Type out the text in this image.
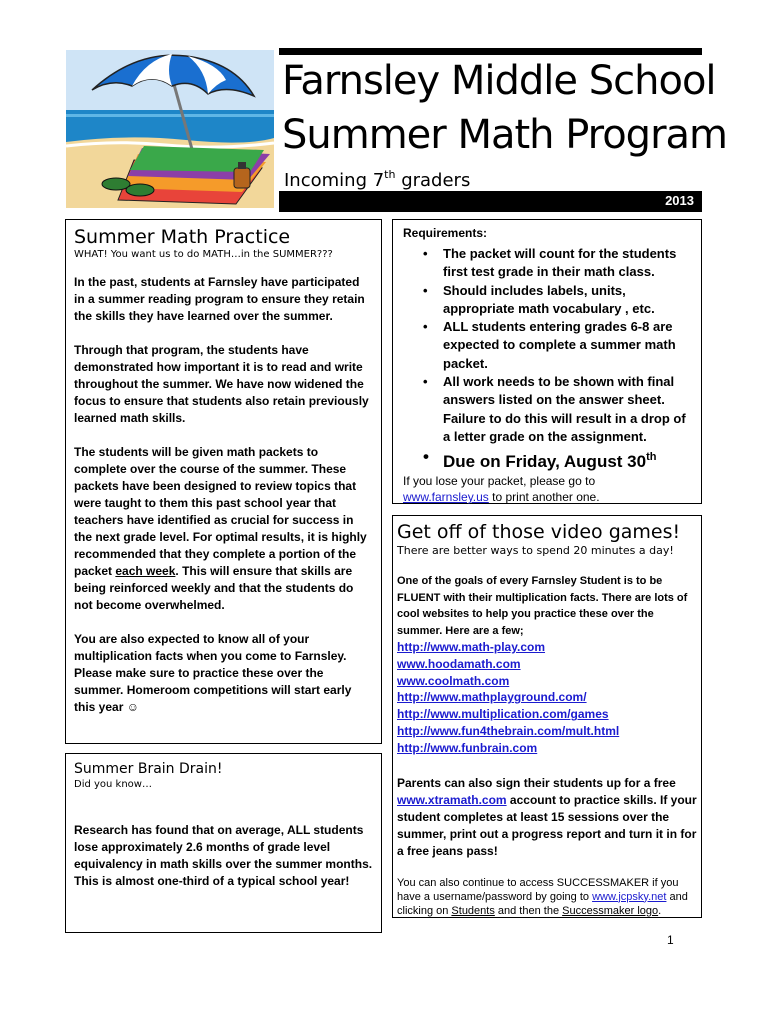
Farnsley Middle School
Summer Math Program
Incoming 7th graders
2013
Summer Math Practice
WHAT! You want us to do MATH…in the SUMMER???

In the past, students at Farnsley have participated in a summer reading program to ensure they retain the skills they have learned over the summer.

Through that program, the students have demonstrated how important it is to read and write throughout the summer. We have now widened the focus to ensure that students also retain previously learned math skills.

The students will be given math packets to complete over the course of the summer. These packets have been designed to review topics that were taught to them this past school year that teachers have identified as crucial for success in the next grade level. For optimal results, it is highly recommended that they complete a portion of the packet each week. This will ensure that skills are being reinforced weekly and that the students do not become overwhelmed.

You are also expected to know all of your multiplication facts when you come to Farnsley. Please make sure to practice these over the summer. Homeroom competitions will start early this year ☺

Summer Brain Drain!
Did you know…

Research has found that on average, ALL students lose approximately 2.6 months of grade level equivalency in math skills over the summer months. This is almost one-third of a typical school year!

Requirements:
• The packet will count for the students first test grade in their math class.
• Should includes labels, units, appropriate math vocabulary , etc.
• ALL students entering grades 6-8 are expected to complete a summer math packet.
• All work needs to be shown with final answers listed on the answer sheet. Failure to do this will result in a drop of a letter grade on the assignment.
• Due on Friday, August 30th
If you lose your packet, please go to
www.farnsley.us to print another one.
Get off of those video games!
There are better ways to spend 20 minutes a day!

One of the goals of every Farnsley Student is to be FLUENT with their multiplication facts. There are lots of cool websites to help you practice these over the summer. Here are a few;

http://www.math-play.com
www.hoodamath.com
www.coolmath.com
http://www.mathplayground.com/
http://www.multiplication.com/games
http://www.fun4thebrain.com/mult.html
http://www.funbrain.com

Parents can also sign their students up for a free www.xtramath.com account to practice skills. If your student completes at least 15 sessions over the summer, print out a progress report and turn it in for a free jeans pass!

You can also continue to access SUCCESSMAKER if you have a username/password by going to www.jcpsky.net and clicking on Students and then the Successmaker logo.

1
